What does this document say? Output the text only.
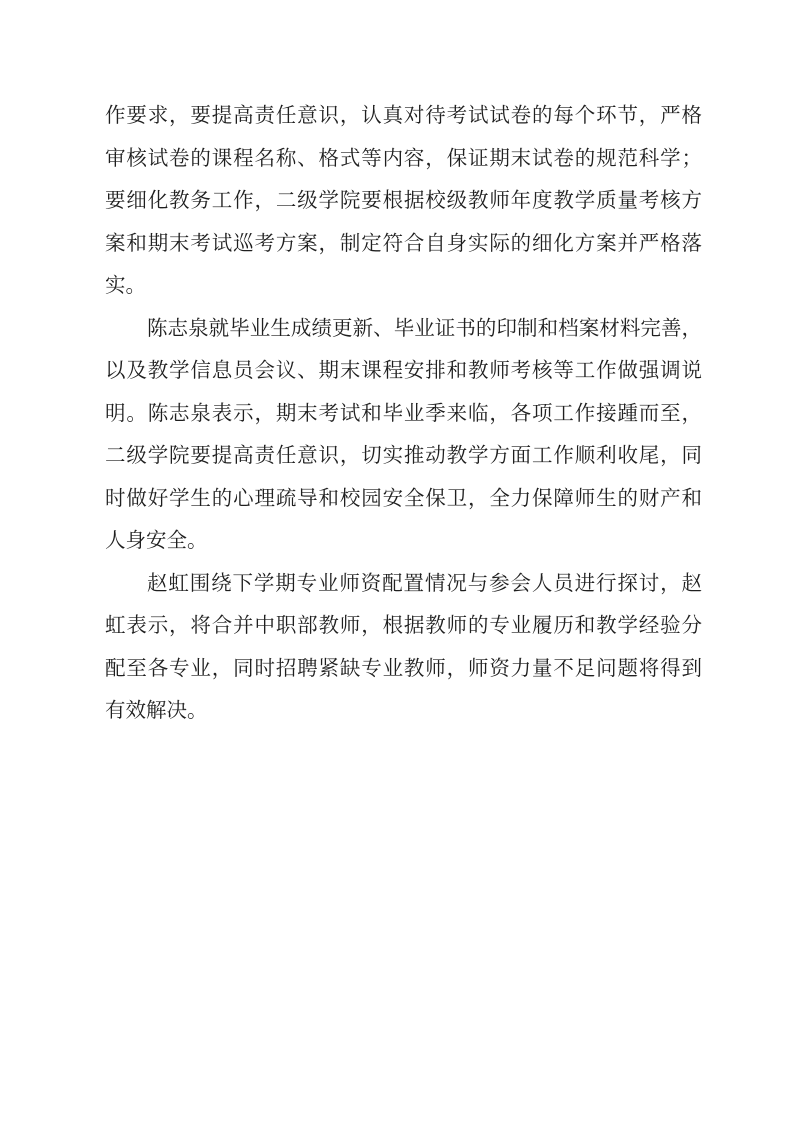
作要求，要提高责任意识，认真对待考试试卷的每个环节，严格
审核试卷的课程名称、格式等内容，保证期末试卷的规范科学；
要细化教务工作，二级学院要根据校级教师年度教学质量考核方
案和期末考试巡考方案，制定符合自身实际的细化方案并严格落
实。
陈志泉就毕业生成绩更新、毕业证书的印制和档案材料完善，
以及教学信息员会议、期末课程安排和教师考核等工作做强调说
明。陈志泉表示，期末考试和毕业季来临，各项工作接踵而至，
二级学院要提高责任意识，切实推动教学方面工作顺利收尾，同
时做好学生的心理疏导和校园安全保卫，全力保障师生的财产和
人身安全。
赵虹围绕下学期专业师资配置情况与参会人员进行探讨，赵
虹表示，将合并中职部教师，根据教师的专业履历和教学经验分
配至各专业，同时招聘紧缺专业教师，师资力量不足问题将得到
有效解决。
